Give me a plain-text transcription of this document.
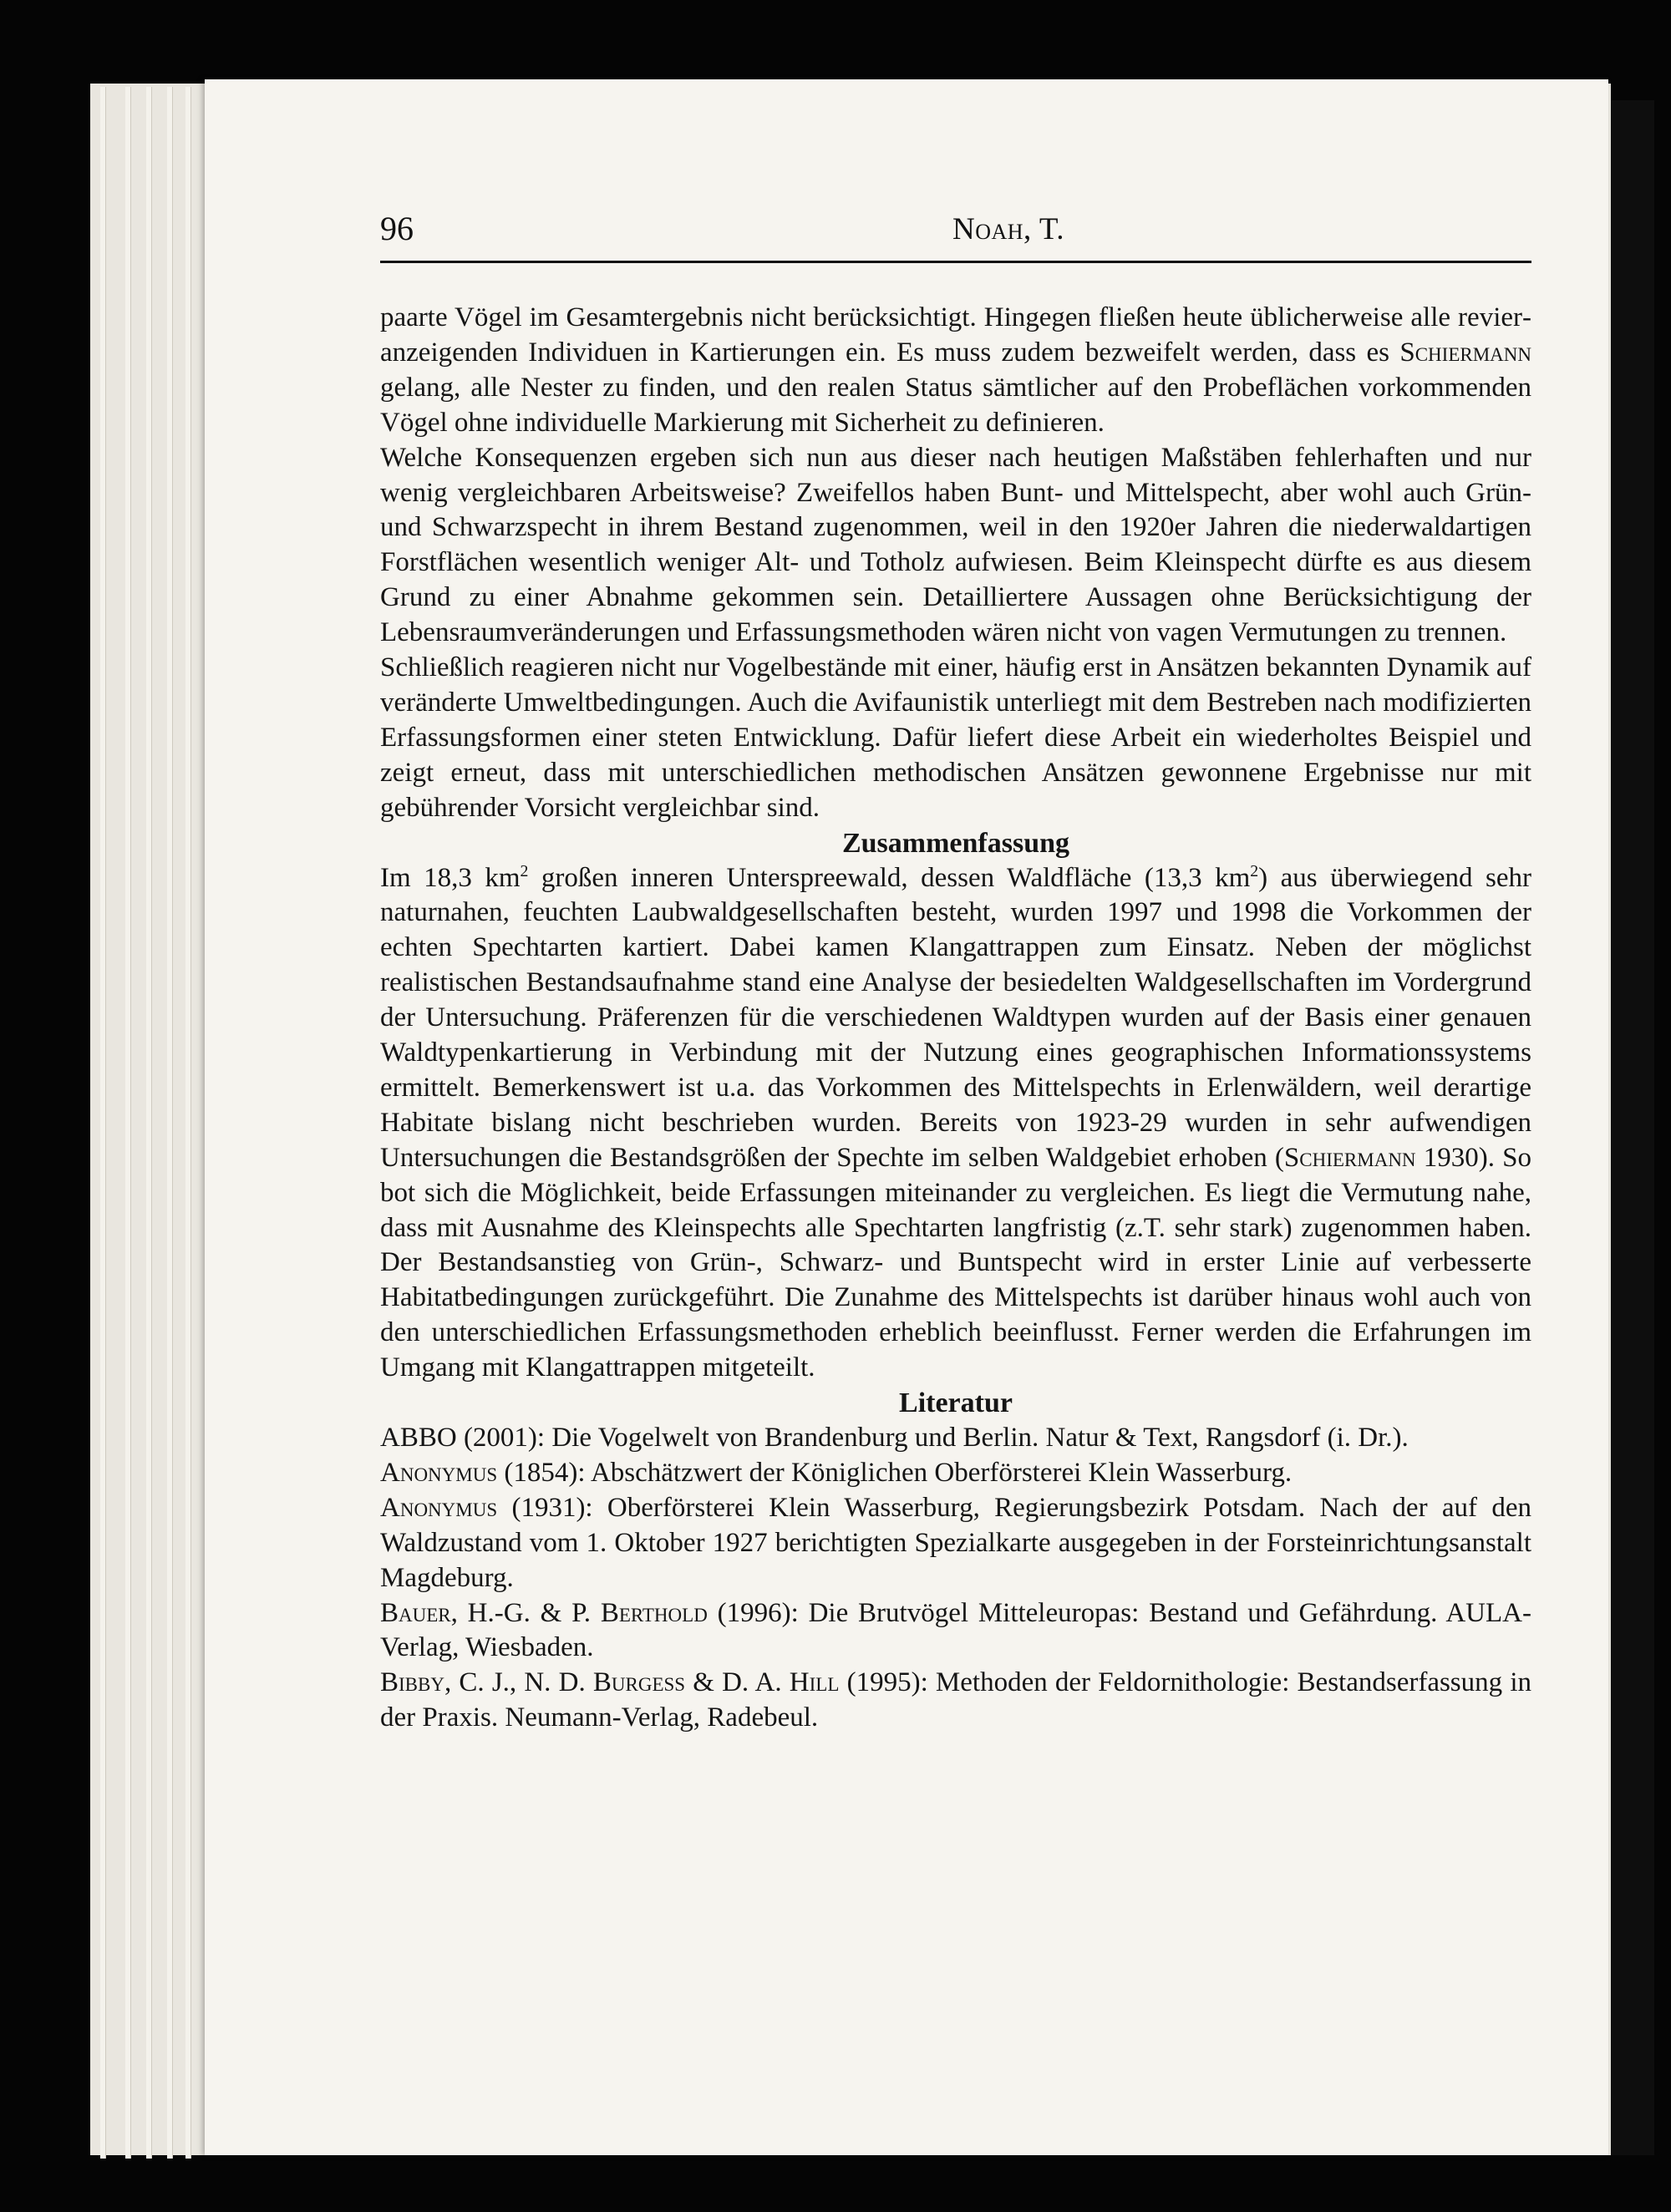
96	Noah, T.

paarte Vögel im Gesamtergebnis nicht berücksichtigt. Hingegen fließen heute üblicherweise alle revieranzeigenden Individuen in Kartierungen ein. Es muss zudem bezweifelt werden, dass es Schiermann gelang, alle Nester zu finden, und den realen Status sämtlicher auf den Probeflächen vorkommenden Vögel ohne individuelle Markierung mit Sicherheit zu definieren.

Welche Konsequenzen ergeben sich nun aus dieser nach heutigen Maßstäben fehlerhaften und nur wenig vergleichbaren Arbeitsweise? Zweifellos haben Bunt- und Mittelspecht, aber wohl auch Grün- und Schwarzspecht in ihrem Bestand zugenommen, weil in den 1920er Jahren die niederwaldartigen Forstflächen wesentlich weniger Alt- und Totholz aufwiesen. Beim Kleinspecht dürfte es aus diesem Grund zu einer Abnahme gekommen sein. Detailliertere Aussagen ohne Berücksichtigung der Lebensraumveränderungen und Erfassungsmethoden wären nicht von vagen Vermutungen zu trennen.

Schließlich reagieren nicht nur Vogelbestände mit einer, häufig erst in Ansätzen bekannten Dynamik auf veränderte Umweltbedingungen. Auch die Avifaunistik unterliegt mit dem Bestreben nach modifizierten Erfassungsformen einer steten Entwicklung. Dafür liefert diese Arbeit ein wiederholtes Beispiel und zeigt erneut, dass mit unterschiedlichen methodischen Ansätzen gewonnene Ergebnisse nur mit gebührender Vorsicht vergleichbar sind.

Zusammenfassung

Im 18,3 $km^2$ großen inneren Unterspreewald, dessen Waldfläche (13,3 $km^2$) aus überwiegend sehr naturnahen, feuchten Laubwaldgesellschaften besteht, wurden 1997 und 1998 die Vorkommen der echten Spechtarten kartiert. Dabei kamen Klangattrappen zum Einsatz. Neben der möglichst realistischen Bestandsaufnahme stand eine Analyse der besiedelten Waldgesellschaften im Vordergrund der Untersuchung. Präferenzen für die verschiedenen Waldtypen wurden auf der Basis einer genauen Waldtypenkartierung in Verbindung mit der Nutzung eines geographischen Informationssystems ermittelt. Bemerkenswert ist u.a. das Vorkommen des Mittelspechts in Erlenwäldern, weil derartige Habitate bislang nicht beschrieben wurden. Bereits von 1923-29 wurden in sehr aufwendigen Untersuchungen die Bestandsgrößen der Spechte im selben Waldgebiet erhoben (Schiermann 1930). So bot sich die Möglichkeit, beide Erfassungen miteinander zu vergleichen. Es liegt die Vermutung nahe, dass mit Ausnahme des Kleinspechts alle Spechtarten langfristig (z.T. sehr stark) zugenommen haben. Der Bestandsanstieg von Grün-, Schwarz- und Buntspecht wird in erster Linie auf verbesserte Habitatbedingungen zurückgeführt. Die Zunahme des Mittelspechts ist darüber hinaus wohl auch von den unterschiedlichen Erfassungsmethoden erheblich beeinflusst. Ferner werden die Erfahrungen im Umgang mit Klangattrappen mitgeteilt.

Literatur

ABBO (2001): Die Vogelwelt von Brandenburg und Berlin. Natur & Text, Rangsdorf (i. Dr.).

Anonymus (1854): Abschätzwert der Königlichen Oberförsterei Klein Wasserburg.

Anonymus (1931): Oberförsterei Klein Wasserburg, Regierungsbezirk Potsdam. Nach der auf den Waldzustand vom 1. Oktober 1927 berichtigten Spezialkarte ausgegeben in der Forsteinrichtungsanstalt Magdeburg.

Bauer, H.-G. & P. Berthold (1996): Die Brutvögel Mitteleuropas: Bestand und Gefährdung. AULA-Verlag, Wiesbaden.

Bibby, C. J., N. D. Burgess & D. A. Hill (1995): Methoden der Feldornithologie: Bestandserfassung in der Praxis. Neumann-Verlag, Radebeul.
